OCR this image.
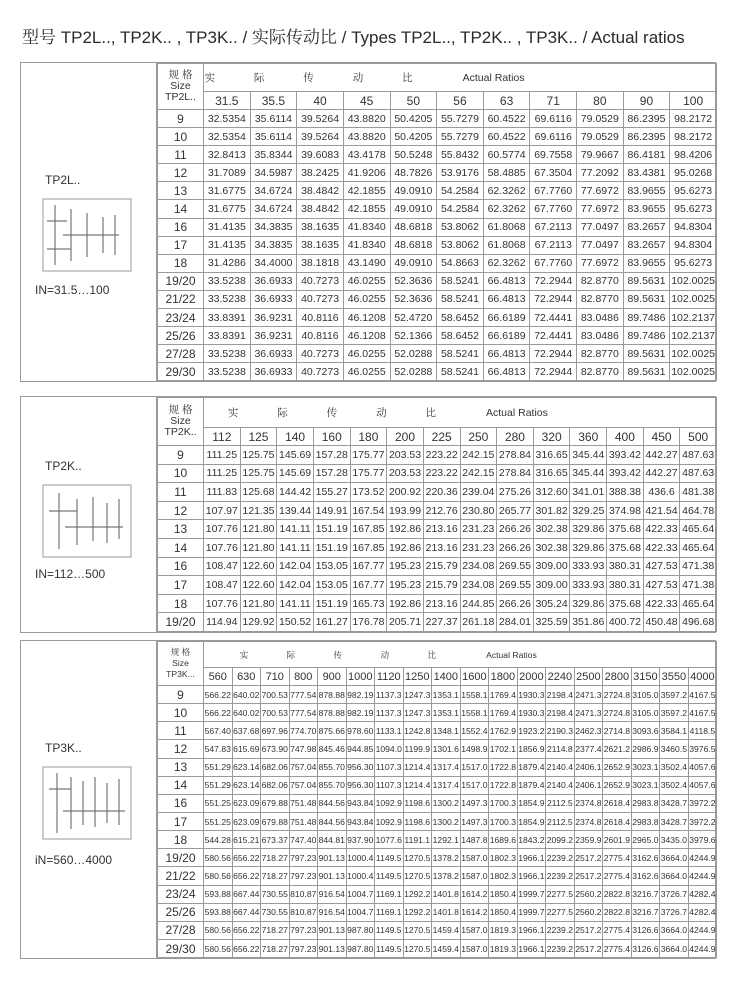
型号 TP2L.., TP2K.. , TP3K.. / 实际传动比 / Types TP2L.., TP2K.. , TP3K.. / Actual ratios
TP2L..
IN=31.5…100
规 格
Size
TP2L..	实 际 传 动 比					Actual Ratios					
	31.5	35.5	40	45	50	56	63	71	80	90	100
9	32.5354	35.6114	39.5264	43.8820	50.4205	55.7279	60.4522	69.6116	79.0529	86.2395	98.2172
10	32.5354	35.6114	39.5264	43.8820	50.4205	55.7279	60.4522	69.6116	79.0529	86.2395	98.2172
11	32.8413	35.8344	39.6083	43.4178	50.5248	55.8432	60.5774	69.7558	79.9667	86.4181	98.4206
12	31.7089	34.5987	38.2425	41.9206	48.7826	53.9176	58.4885	67.3504	77.2092	83.4381	95.0268
13	31.6775	34.6724	38.4842	42.1855	49.0910	54.2584	62.3262	67.7760	77.6972	83.9655	95.6273
14	31.6775	34.6724	38.4842	42.1855	49.0910	54.2584	62.3262	67.7760	77.6972	83.9655	95.6273
16	31.4135	34.3835	38.1635	41.8340	48.6818	53.8062	61.8068	67.2113	77.0497	83.2657	94.8304
17	31.4135	34.3835	38.1635	41.8340	48.6818	53.8062	61.8068	67.2113	77.0497	83.2657	94.8304
18	31.4286	34.4000	38.1818	43.1490	49.0910	54.8663	62.3262	67.7760	77.6972	83.9655	95.6273
19/20	33.5238	36.6933	40.7273	46.0255	52.3636	58.5241	66.4813	72.2944	82.8770	89.5631	102.0025
21/22	33.5238	36.6933	40.7273	46.0255	52.3636	58.5241	66.4813	72.2944	82.8770	89.5631	102.0025
23/24	33.8391	36.9231	40.8116	46.1208	52.4720	58.6452	66.6189	72.4441	83.0486	89.7486	102.2137
25/26	33.8391	36.9231	40.8116	46.1208	52.1366	58.6452	66.6189	72.4441	83.0486	89.7486	102.2137
27/28	33.5238	36.6933	40.7273	46.0255	52.0288	58.5241	66.4813	72.2944	82.8770	89.5631	102.0025
29/30	33.5238	36.6933	40.7273	46.0255	52.0288	58.5241	66.4813	72.2944	82.8770	89.5631	102.0025
TP2K..
IN=112…500
规 格
Size
TP2K..	实 际 传 动 比							Actual Ratios						
	112	125	140	160	180	200	225	250	280	320	360	400	450	500
9	111.25	125.75	145.69	157.28	175.77	203.53	223.22	242.15	278.84	316.65	345.44	393.42	442.27	487.63
10	111.25	125.75	145.69	157.28	175.77	203.53	223.22	242.15	278.84	316.65	345.44	393.42	442.27	487.63
11	111.83	125.68	144.42	155.27	173.52	200.92	220.36	239.04	275.26	312.60	341.01	388.38	436.6	481.38
12	107.97	121.35	139.44	149.91	167.54	193.99	212.76	230.80	265.77	301.82	329.25	374.98	421.54	464.78
13	107.76	121.80	141.11	151.19	167.85	192.86	213.16	231.23	266.26	302.38	329.86	375.68	422.33	465.64
14	107.76	121.80	141.11	151.19	167.85	192.86	213.16	231.23	266.26	302.38	329.86	375.68	422.33	465.64
16	108.47	122.60	142.04	153.05	167.77	195.23	215.79	234.08	269.55	309.00	333.93	380.31	427.53	471.38
17	108.47	122.60	142.04	153.05	167.77	195.23	215.79	234.08	269.55	309.00	333.93	380.31	427.53	471.38
18	107.76	121.80	141.11	151.19	165.73	192.86	213.16	244.85	266.26	305.24	329.86	375.68	422.33	465.64
19/20	114.94	129.92	150.52	161.27	176.78	205.71	227.37	261.18	284.01	325.59	351.86	400.72	450.48	496.68
TP3K..
iN=560…4000
规 格
Size
TP3K...	实 际 传 动 比									Actual Ratios								
	560	630	710	800	900	1000	1120	1250	1400	1600	1800	2000	2240	2500	2800	3150	3550	4000
9	566.22	640.02	700.53	777.54	878.88	982.19	1137.3	1247.3	1353.1	1558.1	1769.4	1930.3	2198.4	2471.3	2724.8	3105.0	3597.2	4167.5
10	566.22	640.02	700.53	777.54	878.88	982.19	1137.3	1247.3	1353.1	1558.1	1769.4	1930.3	2198.4	2471.3	2724.8	3105.0	3597.2	4167.5
11	567.40	637.68	697.96	774.70	875.66	978.60	1133.1	1242.8	1348.1	1552.4	1762.9	1923.2	2190.3	2462.3	2714.8	3093.6	3584.1	4118.5
12	547.83	615.69	673.90	747.98	845.46	944.85	1094.0	1199.9	1301.6	1498.9	1702.1	1856.9	2114.8	2377.4	2621.2	2986.9	3460.5	3976.5
13	551.29	623.14	682.06	757.04	855.70	956.30	1107.3	1214.4	1317.4	1517.0	1722.8	1879.4	2140.4	2406.1	2652.9	3023.1	3502.4	4057.6
14	551.29	623.14	682.06	757.04	855.70	956.30	1107.3	1214.4	1317.4	1517.0	1722.8	1879.4	2140.4	2406.1	2652.9	3023.1	3502.4	4057.6
16	551.25	623.09	679.88	751.48	844.56	943.84	1092.9	1198.6	1300.2	1497.3	1700.3	1854.9	2112.5	2374.8	2618.4	2983.8	3428.7	3972.2
17	551.25	623.09	679.88	751.48	844.56	943.84	1092.9	1198.6	1300.2	1497.3	1700.3	1854.9	2112.5	2374.8	2618.4	2983.8	3428.7	3972.2
18	544.28	615.21	673.37	747.40	844.81	937.90	1077.6	1191.1	1292.1	1487.8	1689.6	1843.2	2099.2	2359.9	2601.9	2965.0	3435.0	3979.6
19/20	580.56	656.22	718.27	797.23	901.13	1000.4	1149.5	1270.5	1378.2	1587.0	1802.3	1966.1	2239.2	2517.2	2775.4	3162.6	3664.0	4244.9
21/22	580.56	656.22	718.27	797.23	901.13	1000.4	1149.5	1270.5	1378.2	1587.0	1802.3	1966.1	2239.2	2517.2	2775.4	3162.6	3664.0	4244.9
23/24	593.88	667.44	730.55	810.87	916.54	1004.7	1169.1	1292.2	1401.8	1614.2	1850.4	1999.7	2277.5	2560.2	2822.8	3216.7	3726.7	4282.4
25/26	593.88	667.44	730.55	810.87	916.54	1004.7	1169.1	1292.2	1401.8	1614.2	1850.4	1999.7	2277.5	2560.2	2822.8	3216.7	3726.7	4282.4
27/28	580.56	656.22	718.27	797.23	901.13	987.80	1149.5	1270.5	1459.4	1587.0	1819.3	1966.1	2239.2	2517.2	2775.4	3126.6	3664.0	4244.9
29/30	580.56	656.22	718.27	797.23	901.13	987.80	1149.5	1270.5	1459.4	1587.0	1819.3	1966.1	2239.2	2517.2	2775.4	3126.6	3664.0	4244.9
